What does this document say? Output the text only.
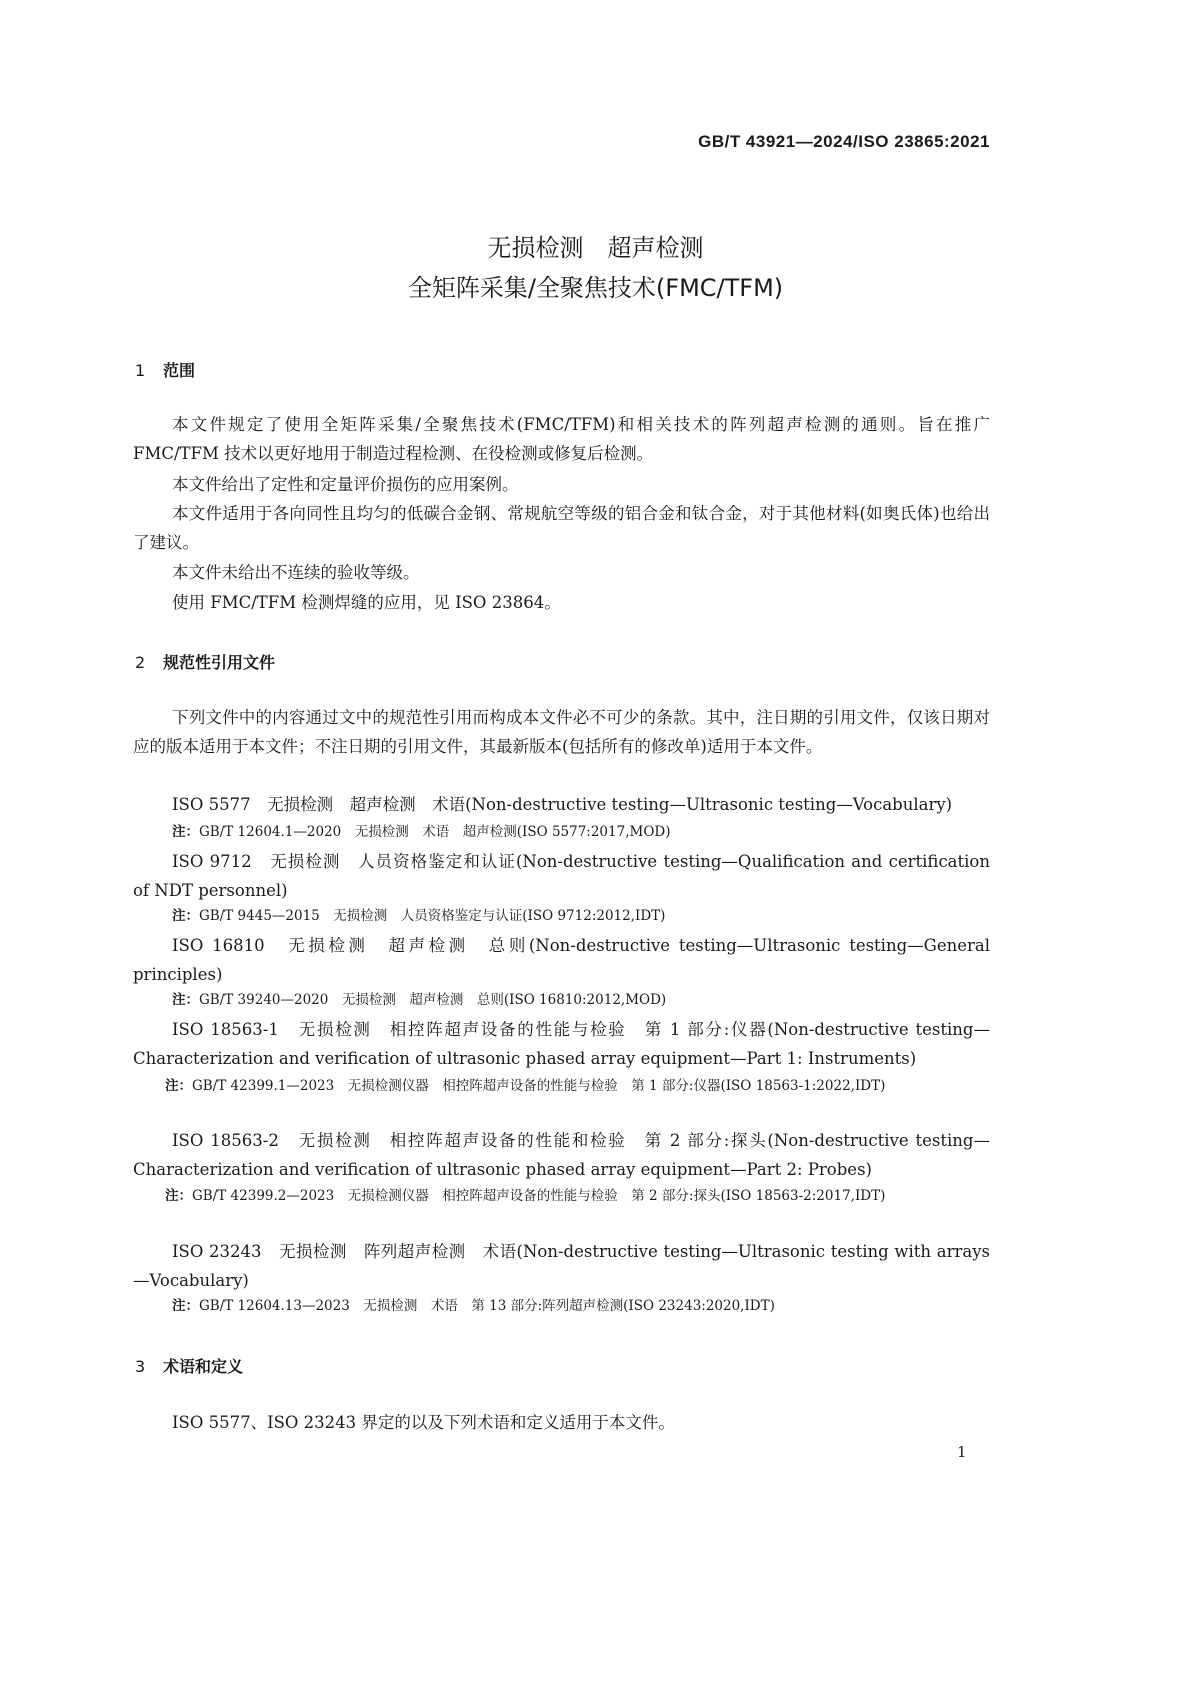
GB/T 43921—2024/ISO 23865:2021
无损检测　超声检测
全矩阵采集/全聚焦技术(FMC/TFM)
1 范围
本文件规定了使用全矩阵采集/全聚焦技术(FMC/TFM)和相关技术的阵列超声检测的通则。旨在推广 FMC/TFM 技术以更好地用于制造过程检测、在役检测或修复后检测。
本文件给出了定性和定量评价损伤的应用案例。
本文件适用于各向同性且均匀的低碳合金钢、常规航空等级的铝合金和钛合金，对于其他材料(如奥氏体)也给出了建议。
本文件未给出不连续的验收等级。
使用 FMC/TFM 检测焊缝的应用，见 ISO 23864。
2 规范性引用文件
下列文件中的内容通过文中的规范性引用而构成本文件必不可少的条款。其中，注日期的引用文件，仅该日期对应的版本适用于本文件；不注日期的引用文件，其最新版本(包括所有的修改单)适用于本文件。
ISO 5577　无损检测　超声检测　术语(Non-destructive testing—Ultrasonic testing—Vocabulary)
注：GB/T 12604.1—2020　无损检测　术语　超声检测(ISO 5577:2017,MOD)
ISO 9712　无损检测　人员资格鉴定和认证(Non-destructive testing—Qualification and certification of NDT personnel)
注：GB/T 9445—2015　无损检测　人员资格鉴定与认证(ISO 9712:2012,IDT)
ISO 16810　无损检测　超声检测　总则(Non-destructive testing—Ultrasonic testing—General principles)
注：GB/T 39240—2020　无损检测　超声检测　总则(ISO 16810:2012,MOD)
ISO 18563-1　无损检测　相控阵超声设备的性能与检验　第 1 部分:仪器(Non-destructive testing—Characterization and verification of ultrasonic phased array equipment—Part 1: Instruments)
注：GB/T 42399.1—2023　无损检测仪器　相控阵超声设备的性能与检验　第 1 部分:仪器(ISO 18563-1:2022,IDT)
ISO 18563-2　无损检测　相控阵超声设备的性能和检验　第 2 部分:探头(Non-destructive testing—Characterization and verification of ultrasonic phased array equipment—Part 2: Probes)
注：GB/T 42399.2—2023　无损检测仪器　相控阵超声设备的性能与检验　第 2 部分:探头(ISO 18563-2:2017,IDT)
ISO 23243　无损检测　阵列超声检测　术语(Non-destructive testing—Ultrasonic testing with arrays—Vocabulary)
注：GB/T 12604.13—2023　无损检测　术语　第 13 部分:阵列超声检测(ISO 23243:2020,IDT)
3 术语和定义
ISO 5577、ISO 23243 界定的以及下列术语和定义适用于本文件。
1
